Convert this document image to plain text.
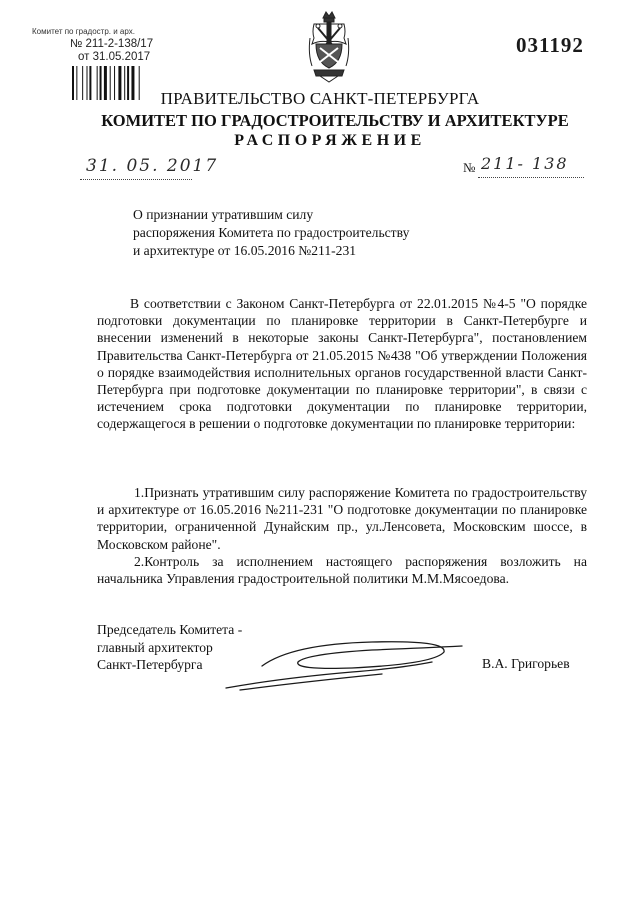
Комитет по градостр. и арх.
№ 211-2-138/17
от 31.05.2017	031192
ПРАВИТЕЛЬСТВО САНКТ-ПЕТЕРБУРГА
КОМИТЕТ ПО ГРАДОСТРОИТЕЛЬСТВУ И АРХИТЕКТУРЕ
РАСПОРЯЖЕНИЕ
31. 05. 2017	№ 211- 138
О признании утратившим силу
распоряжения Комитета по градостроительству
и архитектуре от 16.05.2016 №211-231
В соответствии с Законом Санкт-Петербурга от 22.01.2015 №4-5 "О порядке подготовки документации по планировке территории в Санкт-Петербурге и внесении изменений в некоторые законы Санкт-Петербурга", постановлением Правительства Санкт-Петербурга от 21.05.2015 №438 "Об утверждении Положения о порядке взаимодействия исполнительных органов государственной власти Санкт-Петербурга при подготовке документации по планировке территории", в связи с истечением срока подготовки документации по планировке территории, содержащегося в решении о подготовке документации по планировке территории:
1.Признать утратившим силу распоряжение Комитета по градостроительству и архитектуре от 16.05.2016 №211-231 "О подготовке документации по планировке территории, ограниченной Дунайским пр., ул.Ленсовета, Московским шоссе, в Московском районе".
2.Контроль за исполнением настоящего распоряжения возложить на начальника Управления градостроительной политики М.М.Мясоедова.
Председатель Комитета -
главный архитектор
Санкт-Петербурга	В.А. Григорьев
